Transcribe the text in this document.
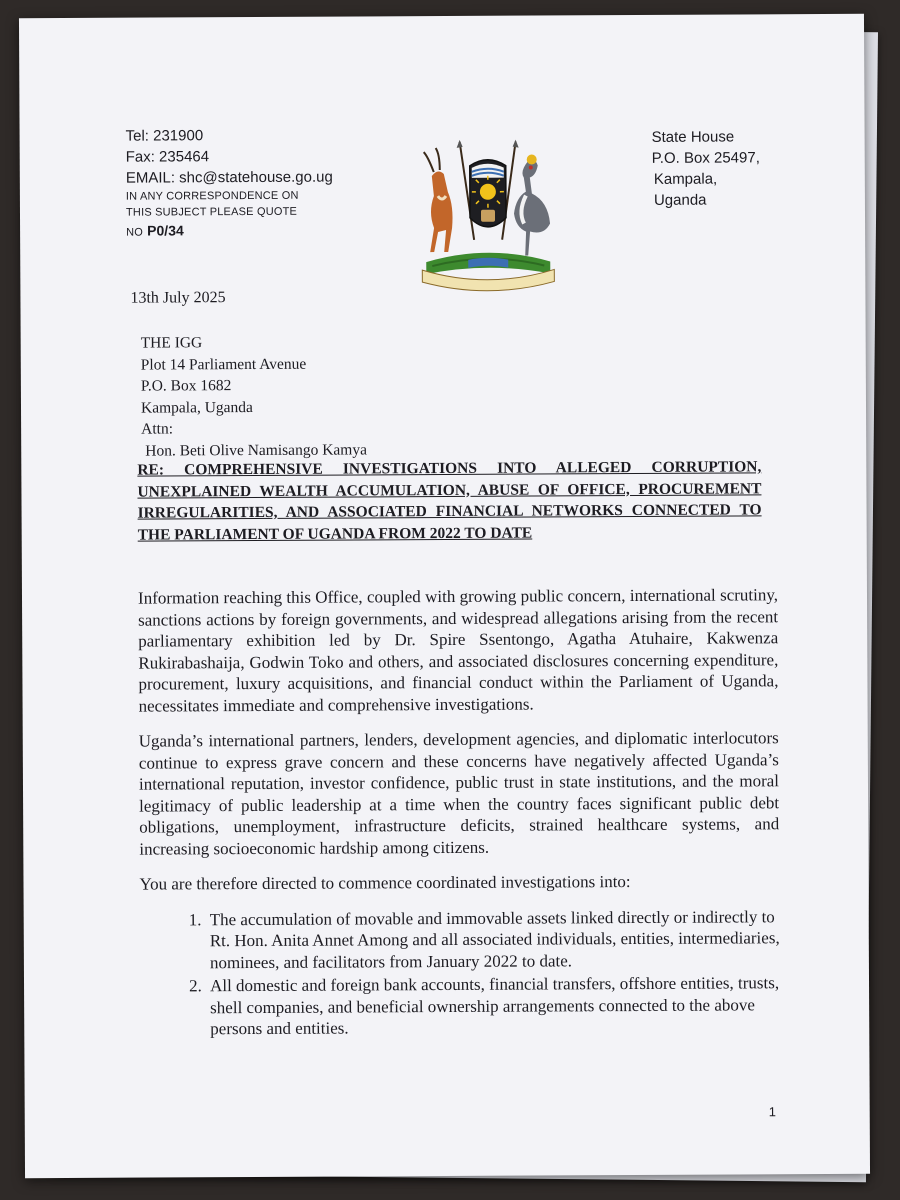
Tel: 231900
Fax: 235464
EMAIL: shc@statehouse.go.ug
IN ANY CORRESPONDENCE ON
THIS SUBJECT PLEASE QUOTE
NO P0/34
State House
P.O. Box 25497,
Kampala,
Uganda
13th July 2025
THE IGG
Plot 14 Parliament Avenue
P.O. Box 1682
Kampala, Uganda
Attn:
Hon. Beti Olive Namisango Kamya
RE: COMPREHENSIVE INVESTIGATIONS INTO ALLEGED CORRUPTION, UNEXPLAINED WEALTH ACCUMULATION, ABUSE OF OFFICE, PROCUREMENT IRREGULARITIES, AND ASSOCIATED FINANCIAL NETWORKS CONNECTED TO THE PARLIAMENT OF UGANDA FROM 2022 TO DATE

Information reaching this Office, coupled with growing public concern, international scrutiny, sanctions actions by foreign governments, and widespread allegations arising from the recent parliamentary exhibition led by Dr. Spire Ssentongo, Agatha Atuhaire, Kakwenza Rukirabashaija, Godwin Toko and others, and associated disclosures concerning expenditure, procurement, luxury acquisitions, and financial conduct within the Parliament of Uganda, necessitates immediate and comprehensive investigations.

Uganda’s international partners, lenders, development agencies, and diplomatic interlocutors continue to express grave concern and these concerns have negatively affected Uganda’s international reputation, investor confidence, public trust in state institutions, and the moral legitimacy of public leadership at a time when the country faces significant public debt obligations, unemployment, infrastructure deficits, strained healthcare systems, and increasing socioeconomic hardship among citizens.

You are therefore directed to commence coordinated investigations into:

1. The accumulation of movable and immovable assets linked directly or indirectly to Rt. Hon. Anita Annet Among and all associated individuals, entities, intermediaries, nominees, and facilitators from January 2022 to date.
2. All domestic and foreign bank accounts, financial transfers, offshore entities, trusts, shell companies, and beneficial ownership arrangements connected to the above persons and entities.
1
